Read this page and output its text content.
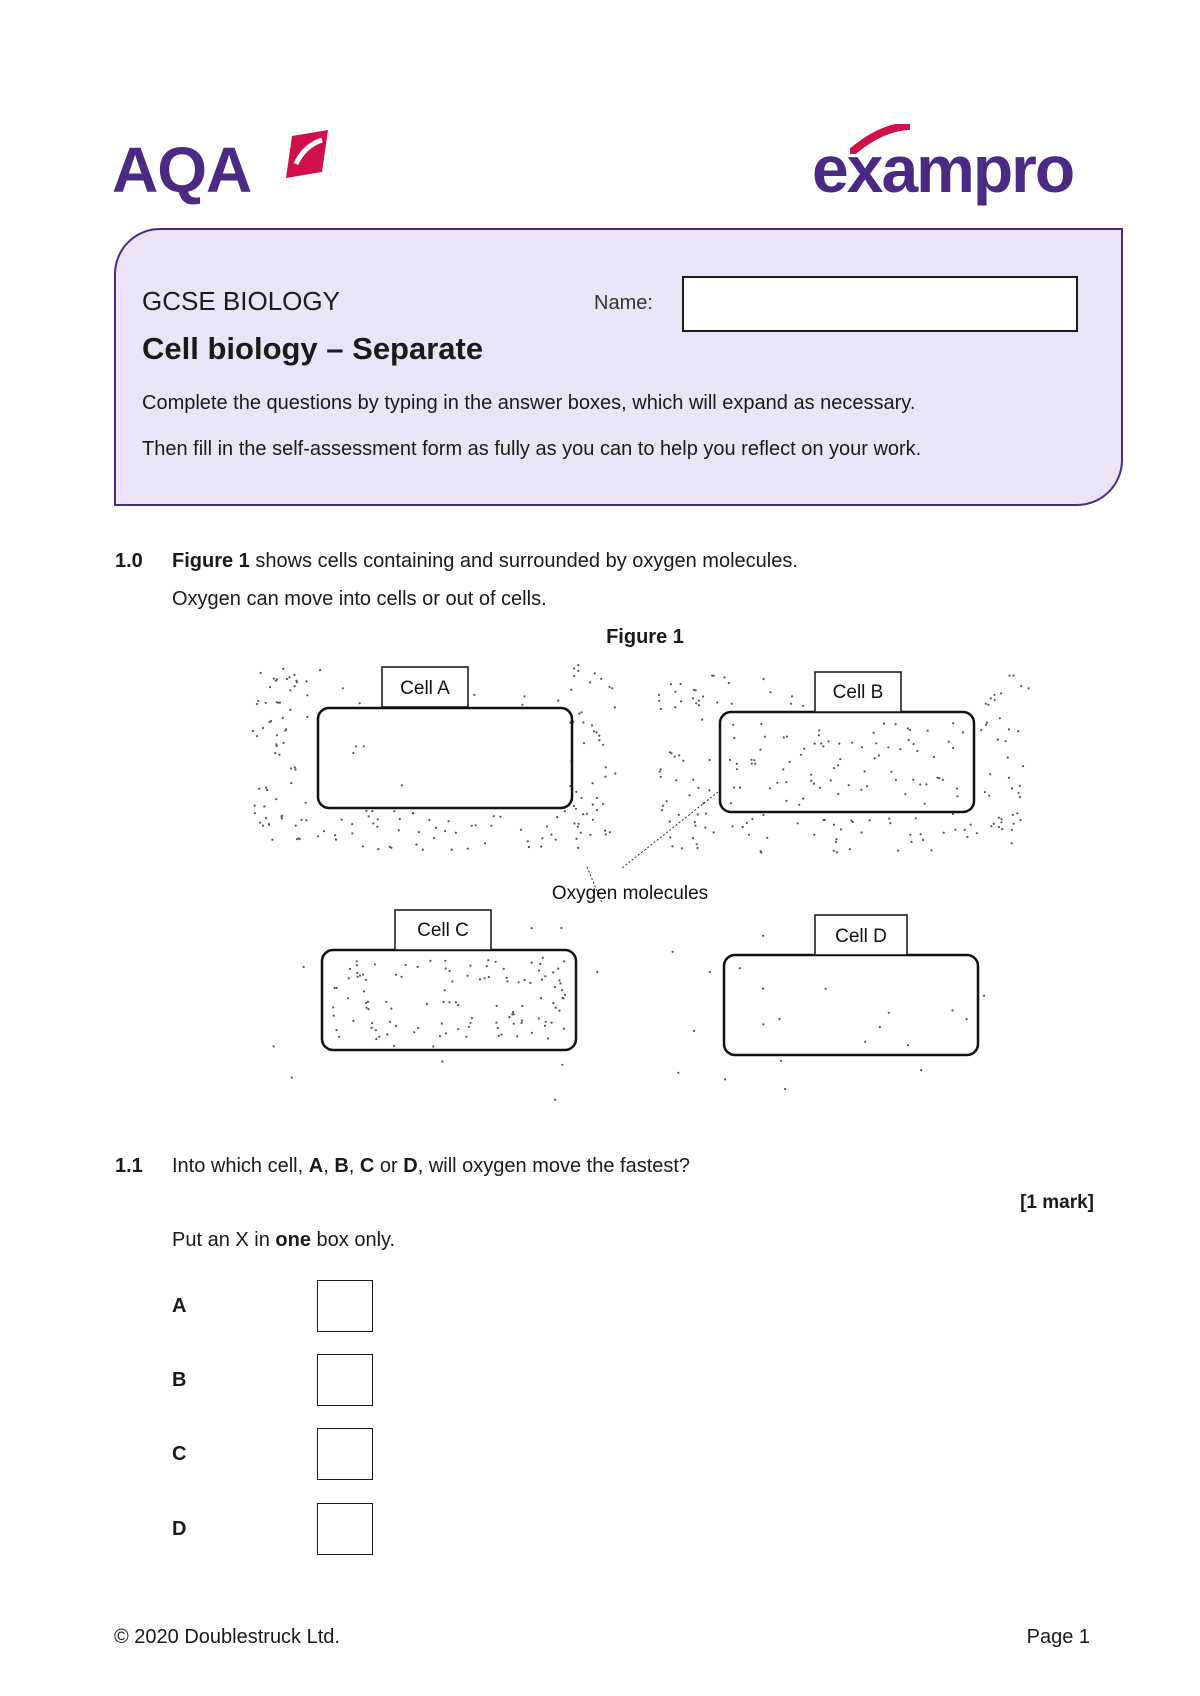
AQA	exampro
GCSE BIOLOGY	Name:
Cell biology – Separate
Complete the questions by typing in the answer boxes, which will expand as necessary.
Then fill in the self-assessment form as fully as you can to help you reflect on your work.
1.0 Figure 1 shows cells containing and surrounded by oxygen molecules.
Oxygen can move into cells or out of cells.
Figure 1
Cell A	Cell B
Cell C	Cell D
Oxygen molecules
1.1 Into which cell, A, B, C or D, will oxygen move the fastest?
[1 mark]
Put an X in one box only.
A
B
C
D
© 2020 Doublestruck Ltd.	Page 1
